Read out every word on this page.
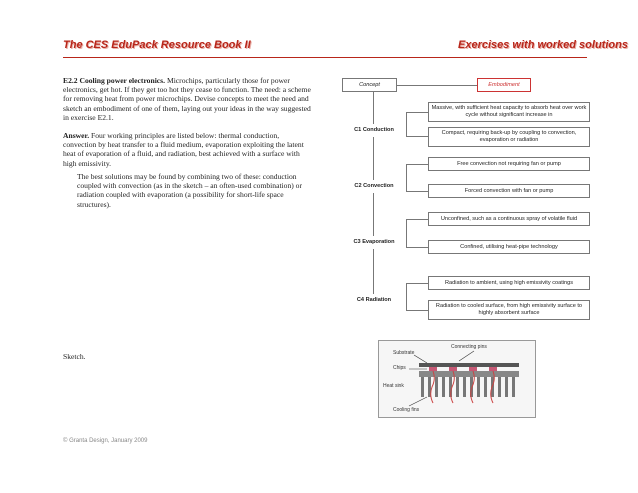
The CES EduPack Resource Book II	Exercises with worked solutions
E2.2 Cooling power electronics. Microchips, particularly those for power electronics, get hot. If they get too hot they cease to function. The need: a scheme for removing heat from power microchips. Devise concepts to meet the need and sketch an embodiment of one of them, laying out your ideas in the way suggested in exercise E2.1.
Answer. Four working principles are listed below: thermal conduction, convection by heat transfer to a fluid medium, evaporation exploiting the latent heat of evaporation of a fluid, and radiation, best achieved with a surface with high emissivity.
The best solutions may be found by combining two of these: conduction coupled with convection (as in the sketch – an often-used combination) or radiation coupled with evaporation (a possibility for short-life space structures).
Sketch.
© Granta Design, January 2009
Concept	Embodiment
C1 Conduction
C2 Convection
C3 Evaporation
C4 Radiation
Massive, with sufficient heat capacity to absorb heat over work cycle without significant increase in
Compact, requiring back-up by coupling to convection, evaporation or radiation
Free convection not requiring fan or pump
Forced convection with fan or pump
Unconfined, such as a continuous spray of volatile fluid
Confined, utilising heat-pipe technology
Radiation to ambient, using high emissivity coatings
Radiation to cooled surface, from high emissivity surface to highly absorbent surface
Substrate
Connecting pins
Chips
Heat sink
Cooling fins
